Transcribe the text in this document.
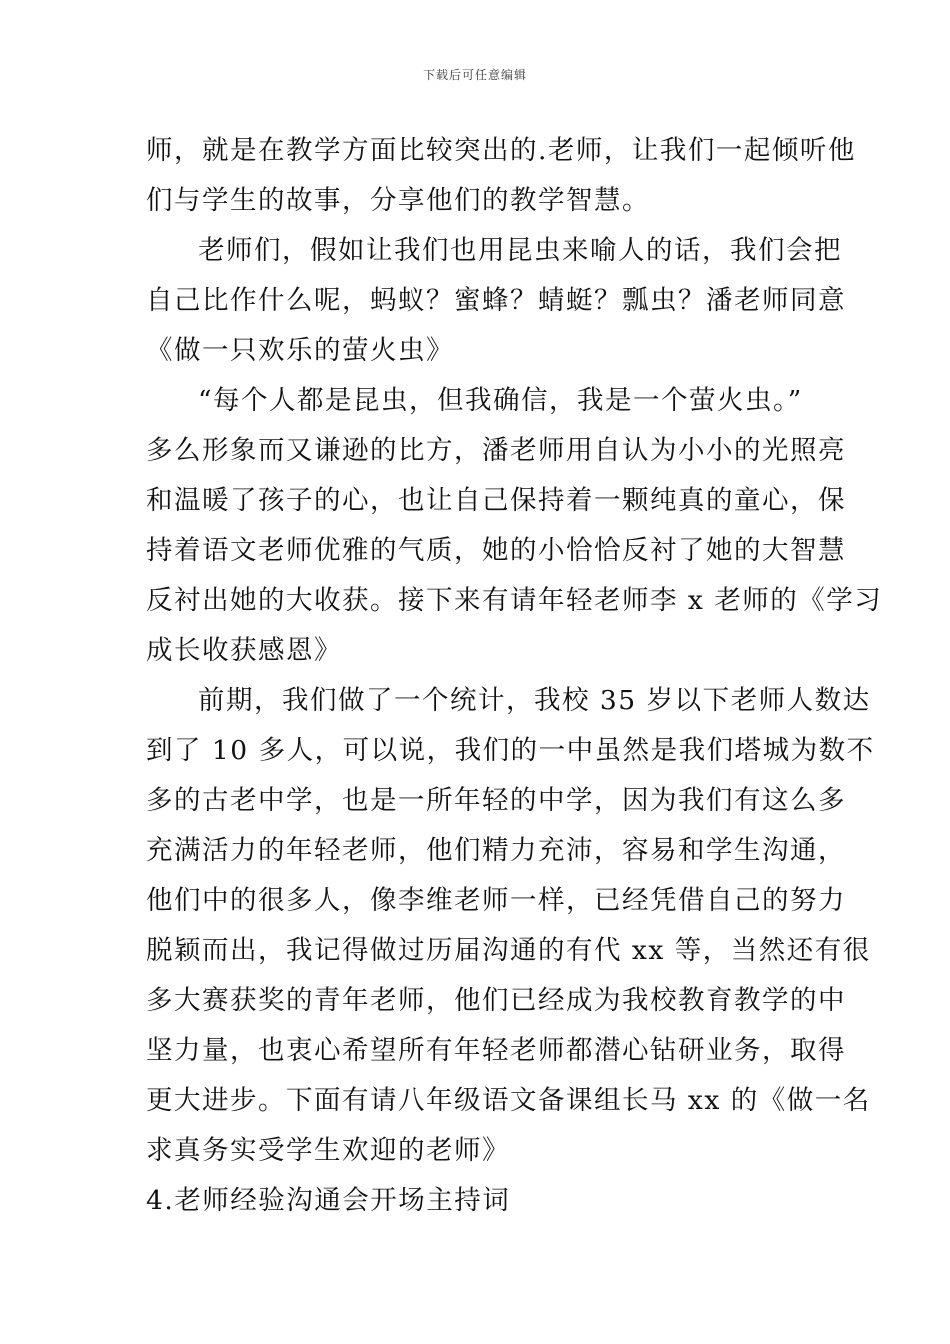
下载后可任意编辑
师，就是在教学方面比较突出的.老师，让我们一起倾听他
们与学生的故事，分享他们的教学智慧。
老师们，假如让我们也用昆虫来喻人的话，我们会把
自己比作什么呢，蚂蚁？蜜蜂？蜻蜓？瓢虫？潘老师同意
《做一只欢乐的萤火虫》
“每个人都是昆虫，但我确信，我是一个萤火虫。”
多么形象而又谦逊的比方，潘老师用自认为小小的光照亮
和温暖了孩子的心，也让自己保持着一颗纯真的童心，保
持着语文老师优雅的气质，她的小恰恰反衬了她的大智慧
反衬出她的大收获。接下来有请年轻老师李 x 老师的《学习
成长收获感恩》
前期，我们做了一个统计，我校 35 岁以下老师人数达
到了 10 多人，可以说，我们的一中虽然是我们塔城为数不
多的古老中学，也是一所年轻的中学，因为我们有这么多
充满活力的年轻老师，他们精力充沛，容易和学生沟通，
他们中的很多人，像李维老师一样，已经凭借自己的努力
脱颖而出，我记得做过历届沟通的有代 xx 等，当然还有很
多大赛获奖的青年老师，他们已经成为我校教育教学的中
坚力量，也衷心希望所有年轻老师都潜心钻研业务，取得
更大进步。下面有请八年级语文备课组长马 xx 的《做一名
求真务实受学生欢迎的老师》
4.老师经验沟通会开场主持词
